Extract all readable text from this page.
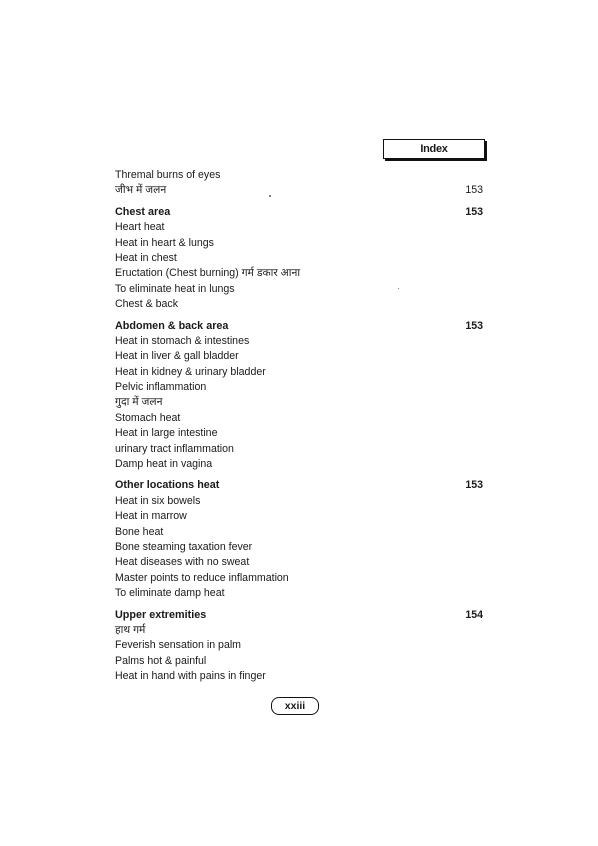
Index
Thremal burns of eyes
जीभ में जलन	153
Chest area	153
Heart heat
Heat in heart & lungs
Heat in chest
Eructation (Chest burning) गर्म डकार आना
To eliminate heat in lungs
Chest & back
Abdomen & back area	153
Heat in stomach & intestines
Heat in liver & gall bladder
Heat in kidney & urinary bladder
Pelvic inflammation
गुदा में जलन
Stomach heat
Heat in large intestine
urinary tract inflammation
Damp heat in vagina
Other locations heat	153
Heat in six bowels
Heat in marrow
Bone heat
Bone steaming taxation fever
Heat diseases with no sweat
Master points to reduce inflammation
To eliminate damp heat
Upper extremities	154
हाथ गर्म
Feverish sensation in palm
Palms hot & painful
Heat in hand with pains in finger
xxiii
